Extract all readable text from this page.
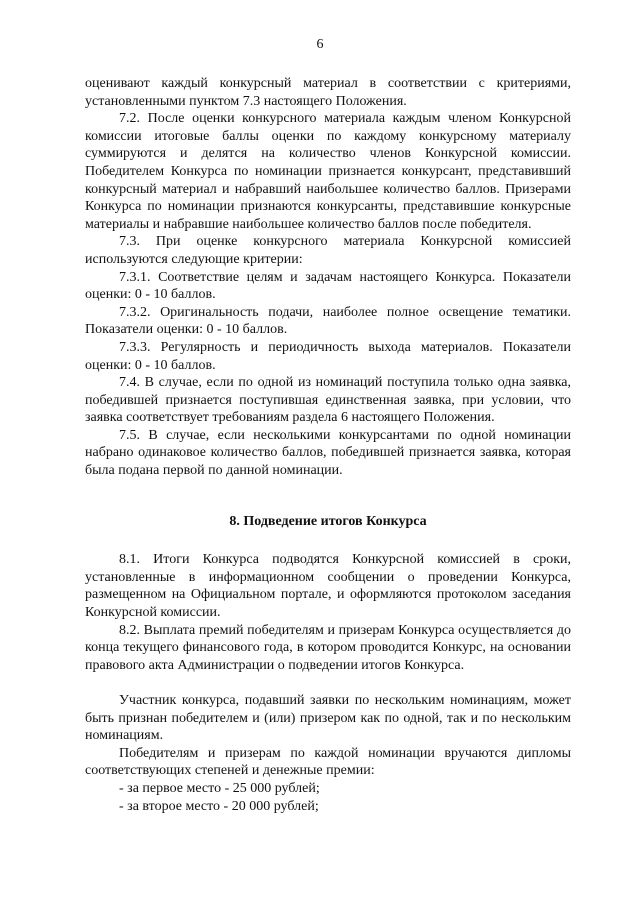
6

оценивают каждый конкурсный материал в соответствии с критериями, установленными пунктом 7.3 настоящего Положения.

7.2. После оценки конкурсного материала каждым членом Конкурсной комиссии итоговые баллы оценки по каждому конкурсному материалу суммируются и делятся на количество членов Конкурсной комиссии. Победителем Конкурса по номинации признается конкурсант, представивший конкурсный материал и набравший наибольшее количество баллов. Призерами Конкурса по номинации признаются конкурсанты, представившие конкурсные материалы и набравшие наибольшее количество баллов после победителя.

7.3. При оценке конкурсного материала Конкурсной комиссией используются следующие критерии:

7.3.1. Соответствие целям и задачам настоящего Конкурса. Показатели оценки: 0 - 10 баллов.

7.3.2. Оригинальность подачи, наиболее полное освещение тематики. Показатели оценки: 0 - 10 баллов.

7.3.3. Регулярность и периодичность выхода материалов. Показатели оценки: 0 - 10 баллов.

7.4. В случае, если по одной из номинаций поступила только одна заявка, победившей признается поступившая единственная заявка, при условии, что заявка соответствует требованиям раздела 6 настоящего Положения.

7.5. В случае, если несколькими конкурсантами по одной номинации набрано одинаковое количество баллов, победившей признается заявка, которая была подана первой по данной номинации.

8. Подведение итогов Конкурса

8.1. Итоги Конкурса подводятся Конкурсной комиссией в сроки, установленные в информационном сообщении о проведении Конкурса, размещенном на Официальном портале, и оформляются протоколом заседания Конкурсной комиссии.

8.2. Выплата премий победителям и призерам Конкурса осуществляется до конца текущего финансового года, в котором проводится Конкурс, на основании правового акта Администрации о подведении итогов Конкурса.

Участник конкурса, подавший заявки по нескольким номинациям, может быть признан победителем и (или) призером как по одной, так и по нескольким номинациям.

Победителям и призерам по каждой номинации вручаются дипломы соответствующих степеней и денежные премии:

- за первое место - 25 000 рублей;

- за второе место - 20 000 рублей;
